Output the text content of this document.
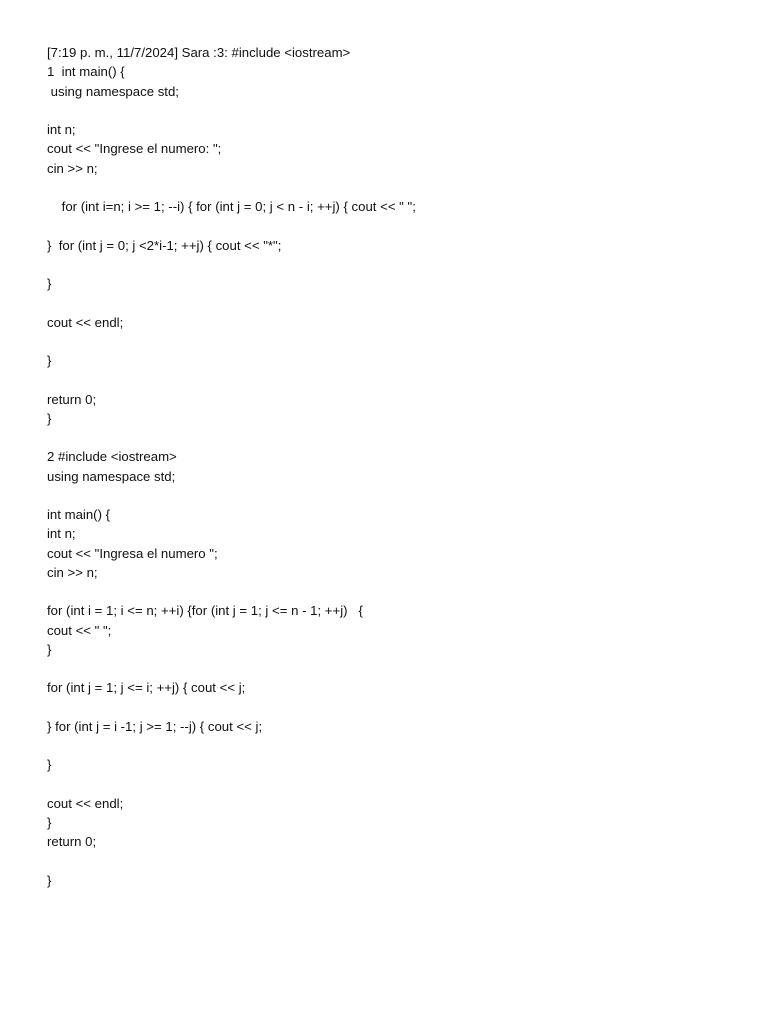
[7:19 p. m., 11/7/2024] Sara :3: #include <iostream>

1  int main() {

using namespace std;

int n;

cout << "Ingrese el numero: ";

cin >> n;

for (int i=n; i >= 1; --i) { for (int j = 0; j < n - i; ++j) { cout << " ";

}  for (int j = 0; j <2*i-1; ++j) { cout << "*";

}

cout << endl;

}

return 0;

}

2 #include <iostream>

using namespace std;

int main() {

int n;

cout << "Ingresa el numero ";

cin >> n;

for (int i = 1; i <= n; ++i) {for (int j = 1; j <= n - 1; ++j)   {

cout << " ";

}

for (int j = 1; j <= i; ++j) { cout << j;

} for (int j = i -1; j >= 1; --j) { cout << j;

}

cout << endl;

}

return 0;

}
